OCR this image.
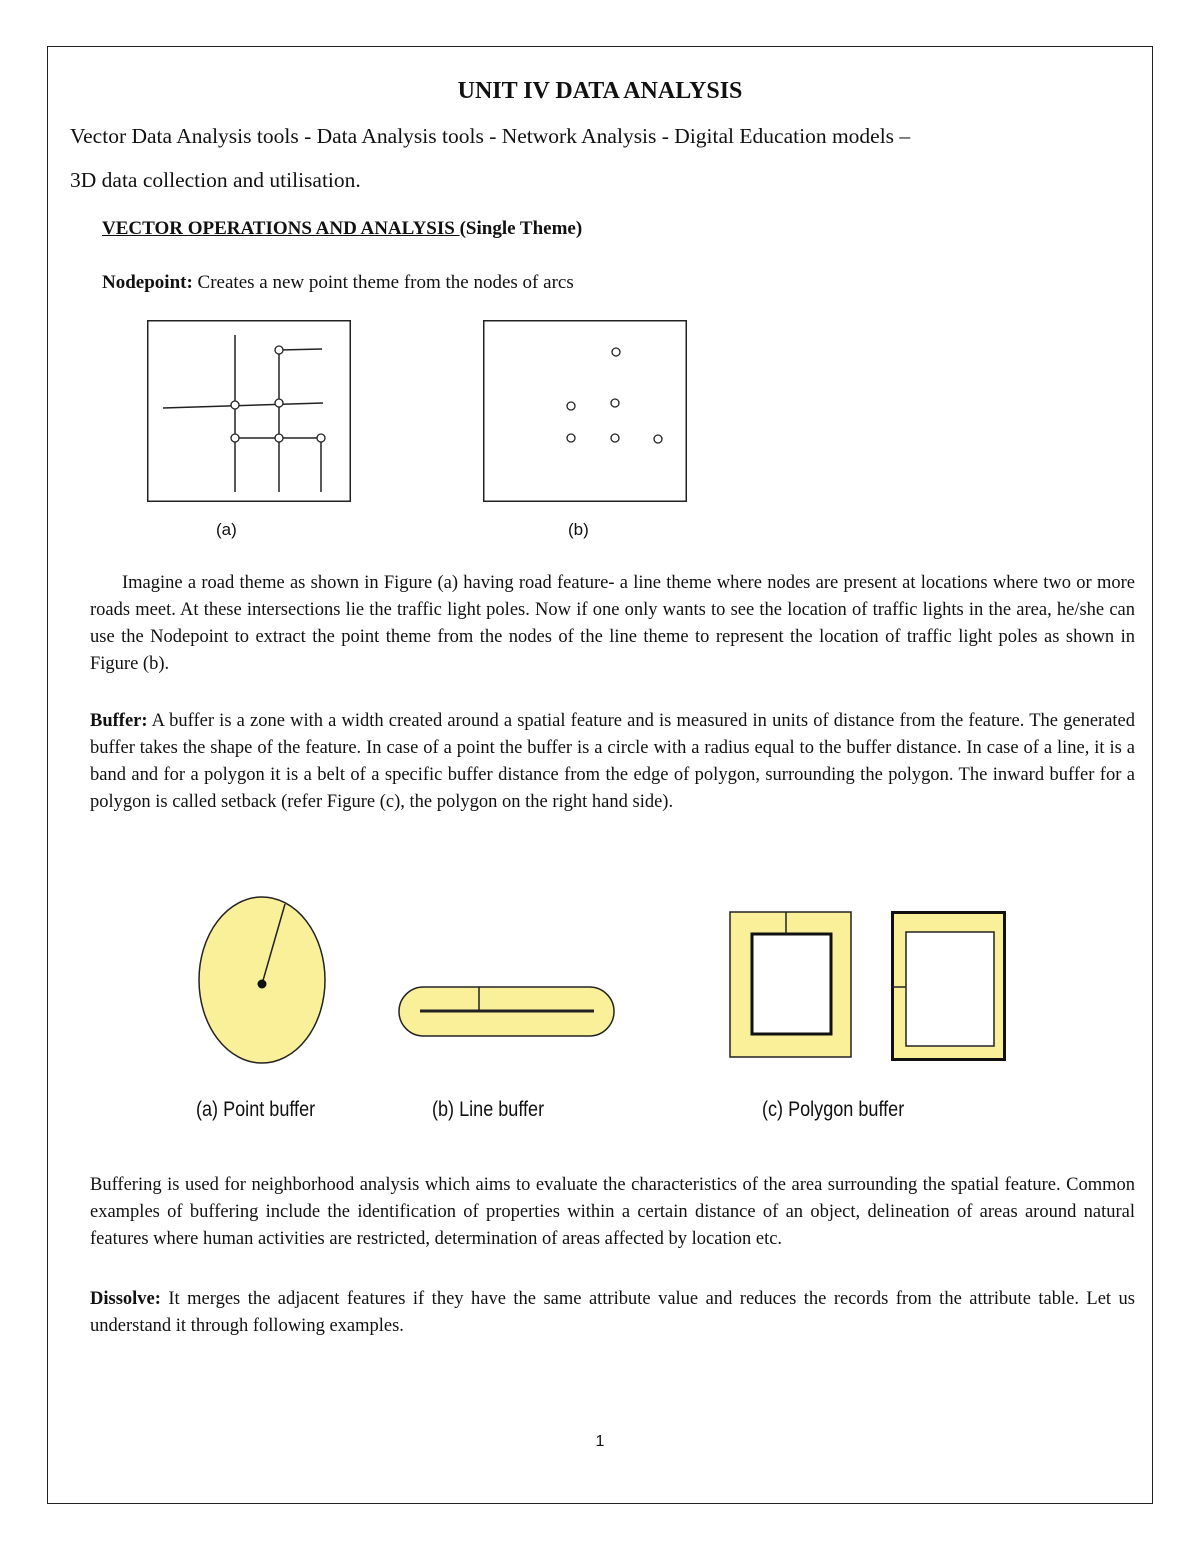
UNIT IV DATA ANALYSIS
Vector Data Analysis tools - Data Analysis tools - Network Analysis - Digital Education models –
3D data collection and utilisation.
VECTOR OPERATIONS AND ANALYSIS (Single Theme)
Nodepoint: Creates a new point theme from the nodes of arcs
(a)	(b)

Imagine a road theme as shown in Figure (a) having road feature- a line theme where nodes are present at locations where two or more roads meet. At these intersections lie the traffic light poles. Now if one only wants to see the location of traffic lights in the area, he/she can use the Nodepoint to extract the point theme from the nodes of the line theme to represent the location of traffic light poles as shown in Figure (b).

Buffer: A buffer is a zone with a width created around a spatial feature and is measured in units of distance from the feature. The generated buffer takes the shape of the feature. In case of a point the buffer is a circle with a radius equal to the buffer distance. In case of a line, it is a band and for a polygon it is a belt of a specific buffer distance from the edge of polygon, surrounding the polygon. The inward buffer for a polygon is called setback (refer Figure (c), the polygon on the right hand side).

(a) Point buffer	(b) Line buffer	(c) Polygon buffer

Buffering is used for neighborhood analysis which aims to evaluate the characteristics of the area surrounding the spatial feature. Common examples of buffering include the identification of properties within a certain distance of an object, delineation of areas around natural features where human activities are restricted, determination of areas affected by location etc.

Dissolve: It merges the adjacent features if they have the same attribute value and reduces the records from the attribute table. Let us understand it through following examples.

1
